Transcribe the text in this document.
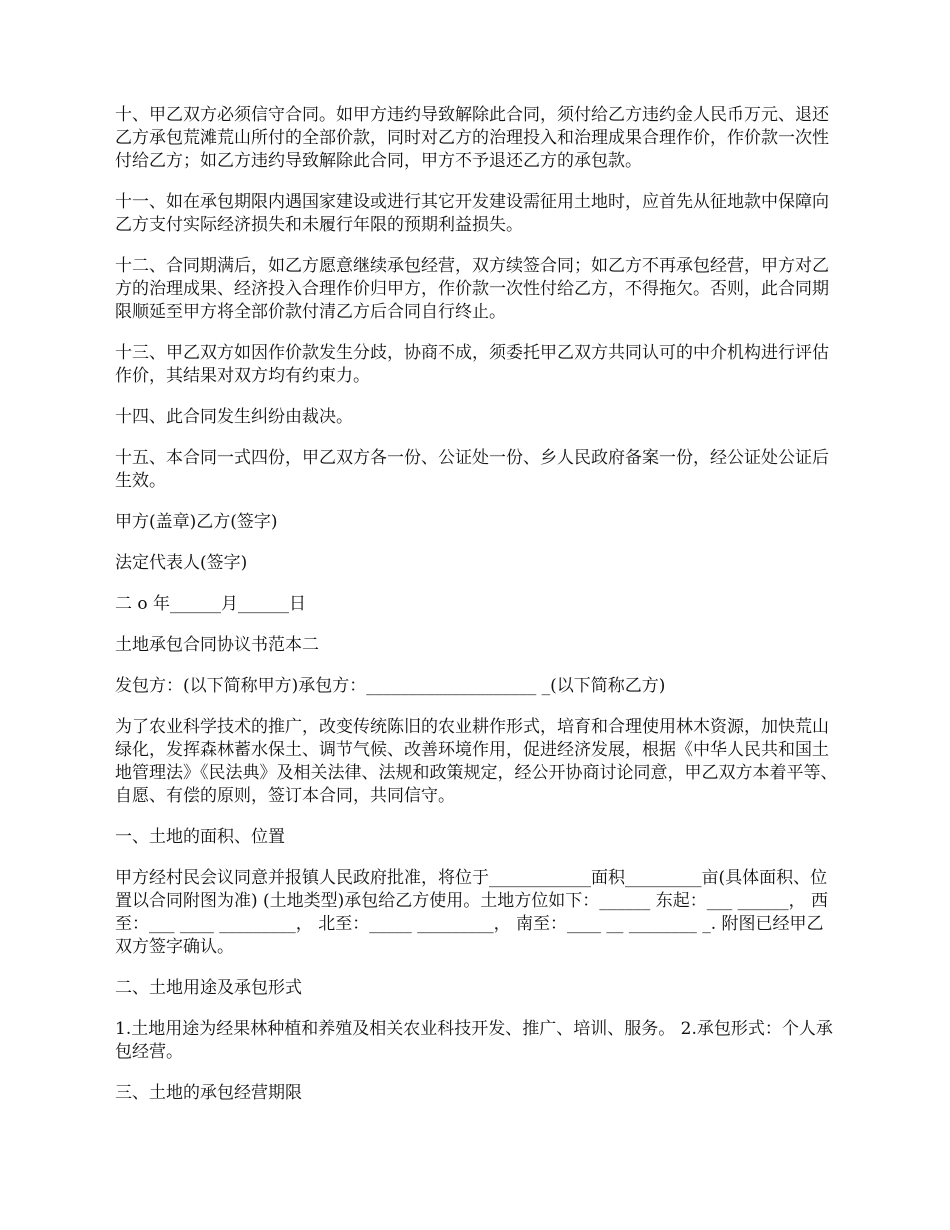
十、甲乙双方必须信守合同。如甲方违约导致解除此合同，须付给乙方违约金人民币万元、退还乙方承包荒滩荒山所付的全部价款，同时对乙方的治理投入和治理成果合理作价，作价款一次性付给乙方；如乙方违约导致解除此合同，甲方不予退还乙方的承包款。

十一、如在承包期限内遇国家建设或进行其它开发建设需征用土地时，应首先从征地款中保障向乙方支付实际经济损失和未履行年限的预期利益损失。

十二、合同期满后，如乙方愿意继续承包经营，双方续签合同；如乙方不再承包经营，甲方对乙方的治理成果、经济投入合理作价归甲方，作价款一次性付给乙方，不得拖欠。否则，此合同期限顺延至甲方将全部价款付清乙方后合同自行终止。

十三、甲乙双方如因作价款发生分歧，协商不成，须委托甲乙双方共同认可的中介机构进行评估作价，其结果对双方均有约束力。

十四、此合同发生纠纷由裁决。

十五、本合同一式四份，甲乙双方各一份、公证处一份、乡人民政府备案一份，经公证处公证后生效。

甲方(盖章)乙方(签字)

法定代表人(签字)

二 o 年______月______日

土地承包合同协议书范本二

发包方：(以下简称甲方)承包方：____________________ _(以下简称乙方)

为了农业科学技术的推广，改变传统陈旧的农业耕作形式，培育和合理使用林木资源，加快荒山绿化，发挥森林蓄水保土、调节气候、改善环境作用，促进经济发展，根据《中华人民共和国土地管理法》《民法典》及相关法律、法规和政策规定，经公开协商讨论同意，甲乙双方本着平等、自愿、有偿的原则，签订本合同，共同信守。

一、土地的面积、位置

甲方经村民会议同意并报镇人民政府批准，将位于____________面积_________亩(具体面积、位置以合同附图为准) (土地类型)承包给乙方使用。土地方位如下：______ 东起：___ ______， 西至：___ ____ _________， 北至：_____ _________， 南至：____ __ ________ _. 附图已经甲乙双方签字确认。

二、土地用途及承包形式

1.土地用途为经果林种植和养殖及相关农业科技开发、推广、培训、服务。 2.承包形式：个人承包经营。

三、土地的承包经营期限
